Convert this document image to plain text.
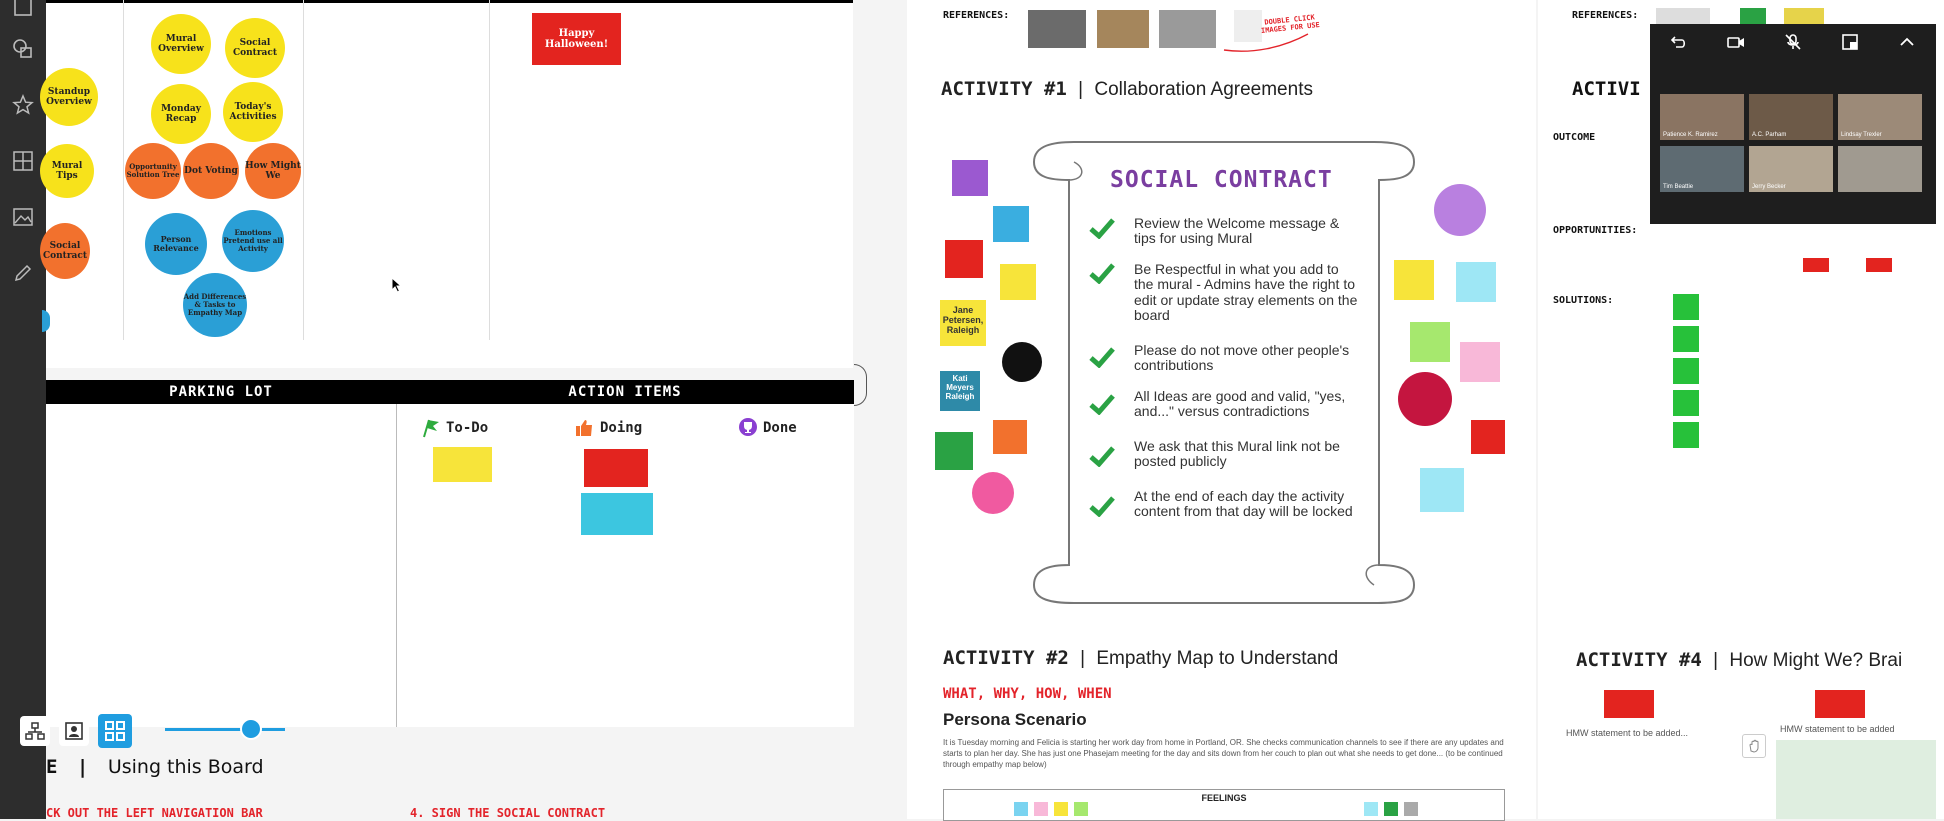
Mural Overview
Social Contract
Standup Overview
Monday Recap
Today's Activities
Mural Tips
Opportunity Solution Tree Dot Voting
How Might We
Social Contract
Person Relevance
Emotions Pretend use all Activity
Add Differences & Tasks to Empathy Map
Happy Halloween!
PARKING LOT	ACTION ITEMS
To-Do	Doing	Done
E | Using this Board
CK OUT THE LEFT NAVIGATION BAR	4. SIGN THE SOCIAL CONTRACT
REFERENCES:	DOUBLE CLICK IMAGES FOR USE
ACTIVITY #1 | Collaboration Agreements
SOCIAL CONTRACT
Review the Welcome message & tips for using Mural
Be Respectful in what you add to the mural - Admins have the right to edit or update stray elements on the board
Please do not move other people's contributions
All Ideas are good and valid, "yes, and..." versus contradictions
We ask that this Mural link not be posted publicly
At the end of each day the activity content from that day will be locked
Jane Petersen, Raleigh
Kati Meyers Raleigh
ACTIVITY #2 | Empathy Map to Understand
WHAT, WHY, HOW, WHEN
Persona Scenario
It is Tuesday morning and Felicia is starting her work day from home in Portland, OR. She checks communication channels to see if there are any updates and starts to plan her day. She has just one Phasejam meeting for the day and sits down from her couch to plan out what she needs to get done... (to be continued through empathy map below)
FEELINGS
REFERENCES:
ACTIVI
OUTCOME
OPPORTUNITIES:
SOLUTIONS:
ACTIVITY #4 | How Might We? Brai
HMW statement to be added...	HMW statement to be added
Patience K. Ramirez	A.C. Parham	Lindsay Trexler
Tim Beattie	Jerry Becker
